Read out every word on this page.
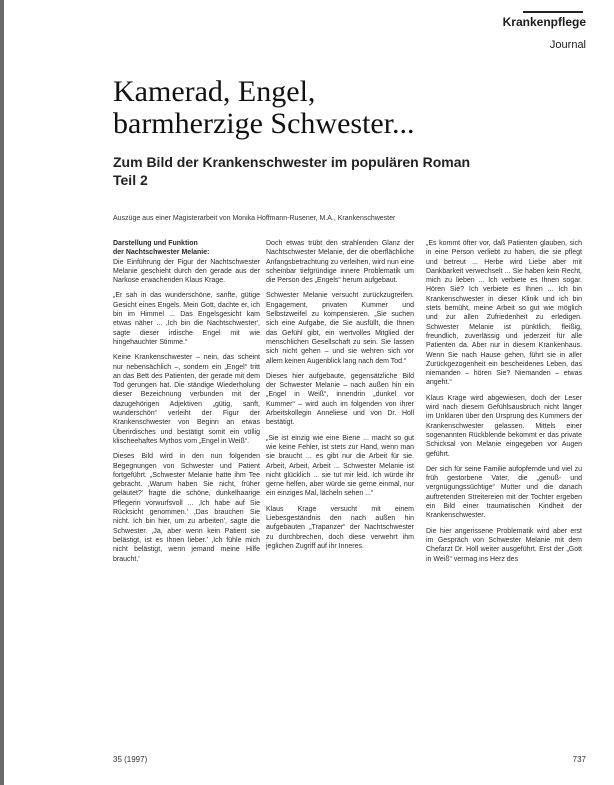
Krankenpflege
Journal
Kamerad, Engel,
barmherzige Schwester...
Zum Bild der Krankenschwester im populären Roman
Teil 2
Auszüge aus einer Magisterarbeit von Monika Hoffmann-Rusener, M.A., Krankenschwester

Darstellung und Funktion

der Nachtschwester Melanie:

Die Einführung der Figur der Nachtschwester Melanie geschieht durch den gerade aus der Narkose erwachenden Klaus Krage.

„Er sah in das wunderschöne, sanfte, gütige Gesicht eines Engels. Mein Gott, dachte er, ich bin im Himmel ... Das Engelsgesicht kam etwas näher ... ‚Ich bin die Nachtschwester', sagte dieser irdische Engel mit wie hingehauchter Stimme.“

Keine Krankenschwester – nein, das scheint nur nebensächlich –, sondern ein „Engel“ tritt an das Bett des Patienten, der gerade mit dem Tod gerungen hat. Die ständige Wiederholung dieser Bezeichnung verbunden mit der dazugehörigen Adjektiven „gütig, sanft, wunderschön“ verleiht der Figur der Krankenschwester von Beginn an etwas Überirdisches und bestätigt somit ein völlig klischeehaftes Mythos vom „Engel in Weiß“.

Dieses Bild wird in den nun folgenden Begegnungen von Schwester und Patient fortgeführt. „Schwester Melanie hatte ihm Tee gebracht. ‚Warum haben Sie nicht, früher geläutet?' fragte die schöne, dunkelhaarige Pflegerin vorwurfsvoll ... ‚Ich habe auf Sie Rücksicht genommen.' ‚Das brauchen Sie nicht. Ich bin hier, um zu arbeiten', sagte die Schwester. ‚Ja, aber wenn kein Patient sie belästigt, ist es Ihnen lieber.' ‚Ich fühle mich nicht belästigt, wenn jemand meine Hilfe braucht.'

Doch etwas trübt den strahlenden Glanz der Nachtschwester Melanie, der die oberflächliche Anfangsbetrachtung zu verleihen, wird nun eine scheinbar tiefgründige innere Problematik um die Person des „Engels“ herum aufgebaut.

Schwester Melanie versucht zurückzugreifen. Engagement, privaten Kummer und Selbstzweifel zu kompensieren. „Sie suchen sich eine Aufgabe, die Sie ausfüllt, die Ihnen das Gefühl gibt, ein wertvolles Mitglied der menschlichen Gesellschaft zu sein. Sie lassen sich nicht gehen – und sie wehren sich vor allem keinen Augenblick lang nach dem Tod.“

Dieses hier aufgebaute, gegensätzliche Bild der Schwester Melanie – nach außen hin ein „Engel in Weiß“, innendrin „dunkel vor Kummer“ – wird auch im folgenden von ihrer Arbeitskollegin Anneliese und von Dr. Holl bestätigt.

„Sie ist einzig wie eine Biene ... macht so gut wie keine Fehler, ist stets zur Hand, wenn man sie braucht ... es gibt nur die Arbeit für sie. Arbeit, Arbeit, Arbeit ... Schwester Melanie ist nicht glücklich ... sie tut mir leid. Ich würde ihr gerne helfen, aber würde sie gerne einmal, nur ein einziges Mal, lächeln sehen ...“

Klaus Krage versucht mit einem Liebesgeständnis den nach außen hin aufgebauten „Trapanzer“ der Nachtschwester zu durchbrechen, doch diese verwehrt ihm jeglichen Zugriff auf ihr Inneres.

„Es kommt öfter vor, daß Patienten glauben, sich in eine Person verliebt zu haben, die sie pflegt und betreut ... Herbe wird Liebe aber mit Dankbarkeit verwechselt ... Sie haben kein Recht, mich zu lieben ... Ich verbiete es Ihnen sogar. Hören Sie? Ich verbiete es Ihnen ... Ich bin Krankenschwester in dieser Klinik und ich bin stets bemüht, meine Arbeit so gut wie möglich und zur allen Zufriedenheit zu erledigen. Schwester Melanie ist pünktlich, fleißig, freundlich, zuverlässig und jederzeit für alle Patienten da. Aber nur in diesem Krankenhaus. Wenn Sie nach Hause gehen, führt sie in aller Zurückgezogenheit ein bescheidenes Leben, das niemanden – hören Sie? Niemanden – etwas angeht.“

Klaus Krage wird abgewiesen, doch der Leser wird nach diesem Gefühlsausbruch nicht länger im Unklaren über den Ursprung des Kummers der Krankenschwester gelassen. Mittels einer sogenannten Rückblende bekommt er das private Schicksal von Melanie eingegeben vor Augen geführt.

Der sich für seine Familie aufopfernde und viel zu früh gestorbene Vater, die „genuß- und vergnügungssüchtige“ Mutter und die danach auftretenden Streitereien mit der Tochter ergeben ein Bild einer traumatischen Kindheit der Krankenschwester.

Die hier angerissene Problematik wird aber erst im Gespräch von Schwester Melanie mit dem Chefarzt Dr. Holl weiter ausgeführt. Erst der „Gott in Weiß“ vermag ins Herz des

35 (1997)	737
